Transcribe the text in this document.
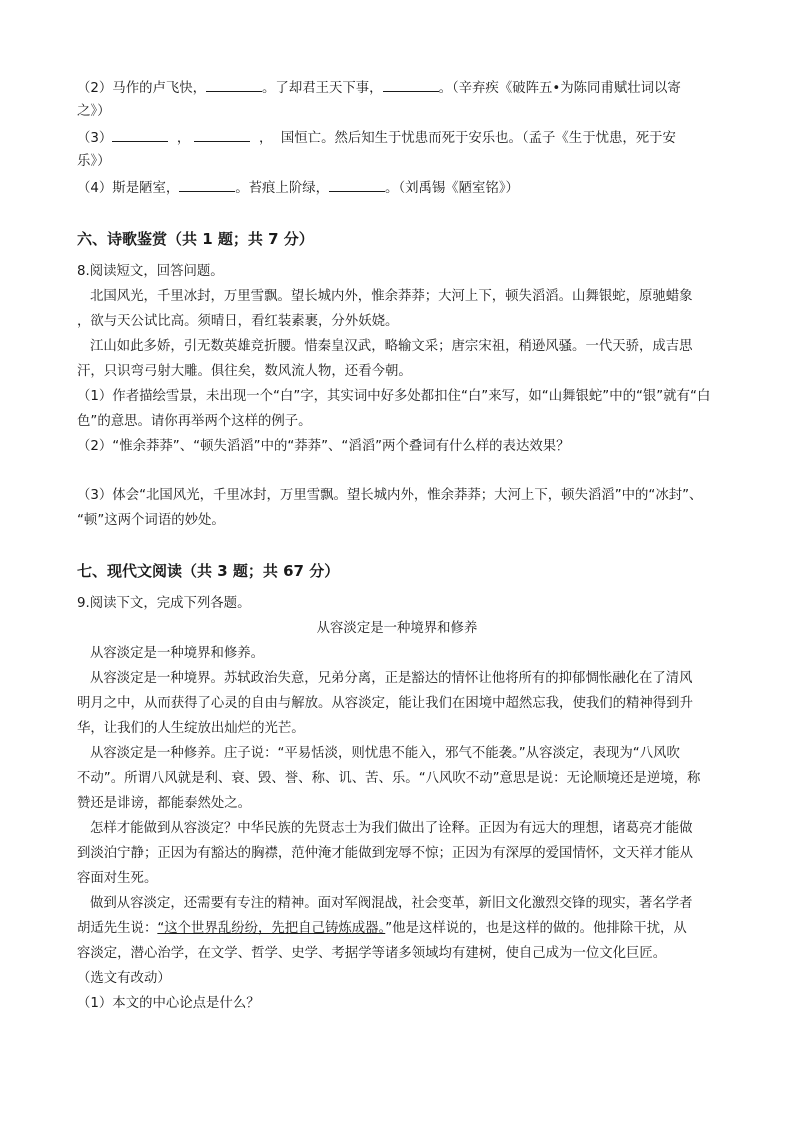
（2）马作的卢飞快，	。了却君王天下事，	。（辛弃疾《破阵五•为陈同甫赋壮词以寄
之》）
（3）	，	， 国恒亡。然后知生于忧患而死于安乐也。（孟子《生于忧患，死于安
乐》）
（4）斯是陋室，	。苔痕上阶绿，	。（刘禹锡《陋室铭》）
六、诗歌鉴赏（共 1 题；共 7 分）
8.阅读短文，回答问题。
北国风光，千里冰封，万里雪飘。望长城内外，惟余莽莽；大河上下，顿失滔滔。山舞银蛇，原驰蜡象
，欲与天公试比高。须晴日，看红装素裹，分外妖娆。
江山如此多娇，引无数英雄竞折腰。惜秦皇汉武，略输文采；唐宗宋祖，稍逊风骚。一代天骄，成吉思
汗，只识弯弓射大雕。俱往矣，数风流人物，还看今朝。
（1）作者描绘雪景，未出现一个“白”字，其实词中好多处都扣住“白”来写，如“山舞银蛇”中的“银”就有“白
色”的意思。请你再举两个这样的例子。
（2）“惟余莽莽”、“顿失滔滔”中的“莽莽”、“滔滔”两个叠词有什么样的表达效果？
（3）体会“北国风光，千里冰封，万里雪飘。望长城内外，惟余莽莽；大河上下，顿失滔滔”中的“冰封”、
“顿”这两个词语的妙处。
七、现代文阅读（共 3 题；共 67 分）
9.阅读下文，完成下列各题。
从容淡定是一种境界和修养
从容淡定是一种境界和修养。
从容淡定是一种境界。苏轼政治失意，兄弟分离，正是豁达的情怀让他将所有的抑郁惆怅融化在了清风
明月之中，从而获得了心灵的自由与解放。从容淡定，能让我们在困境中超然忘我，使我们的精神得到升
华，让我们的人生绽放出灿烂的光芒。
从容淡定是一种修养。庄子说：“平易恬淡，则忧患不能入，邪气不能袭。”从容淡定，表现为“八风吹
不动”。所谓八风就是利、衰、毁、誉、称、讥、苦、乐。“八风吹不动”意思是说：无论顺境还是逆境，称
赞还是诽谤，都能泰然处之。
怎样才能做到从容淡定？中华民族的先贤志士为我们做出了诠释。正因为有远大的理想，诸葛亮才能做
到淡泊宁静；正因为有豁达的胸襟，范仲淹才能做到宠辱不惊；正因为有深厚的爱国情怀，文天祥才能从
容面对生死。
做到从容淡定，还需要有专注的精神。面对军阀混战，社会变革，新旧文化激烈交锋的现实，著名学者
胡适先生说：“这个世界乱纷纷，先把自己铸炼成器。”他是这样说的，也是这样的做的。他排除干扰，从
容淡定，潜心治学，在文学、哲学、史学、考据学等诸多领域均有建树，使自己成为一位文化巨匠。
（选文有改动）
（1）本文的中心论点是什么？
